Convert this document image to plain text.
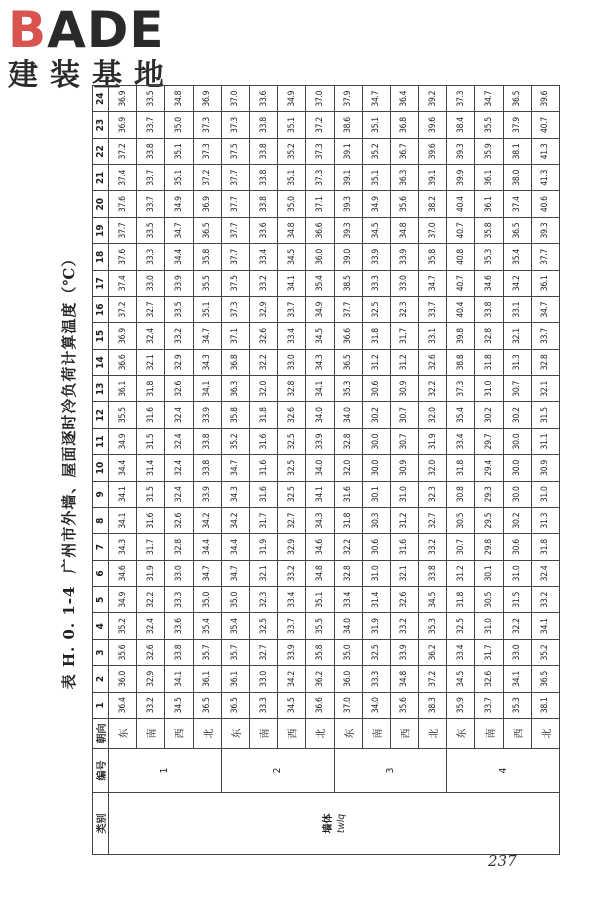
BADE
建装基地
表 H. 0. 1-4
广州市外墙、屋面逐时冷负荷计算温度（℃）
类别	编号	朝向	1	2	3	4	5	6	7	8	9	10	11	12	13	14	15	16	17	18	19	20	21	22	23	24

墙体 twlq	1	东	36.4	36.0	35.6	35.2	34.9	34.6	34.3	34.1	34.1	34.4	34.9	35.5	36.1	36.6	36.9	37.2	37.4	37.6	37.7	37.6	37.4	37.2	36.9	36.9
		南	33.2	32.9	32.6	32.4	32.2	31.9	31.7	31.6	31.5	31.4	31.5	31.6	31.8	32.1	32.4	32.7	33.0	33.3	33.5	33.7	33.7	33.8	33.7	33.5
		西	34.5	34.1	33.8	33.6	33.3	33.0	32.8	32.6	32.4	32.4	32.4	32.4	32.6	32.9	33.2	33.5	33.9	34.4	34.7	34.9	35.1	35.1	35.0	34.8
		北	36.5	36.1	35.7	35.4	35.0	34.7	34.4	34.2	33.9	33.8	33.8	33.9	34.1	34.3	34.7	35.1	35.5	35.8	36.5	36.9	37.2	37.3	37.3	36.9
	2	东	36.5	36.1	35.7	35.4	35.0	34.7	34.4	34.2	34.3	34.7	35.2	35.8	36.3	36.8	37.1	37.3	37.5	37.7	37.7	37.7	37.7	37.5	37.3	37.0
		南	33.3	33.0	32.7	32.5	32.3	32.1	31.9	31.7	31.6	31.6	31.6	31.8	32.0	32.2	32.6	32.9	33.2	33.4	33.6	33.8	33.8	33.8	33.8	33.6
		西	34.5	34.2	33.9	33.7	33.4	33.2	32.9	32.7	32.5	32.5	32.5	32.6	32.8	33.0	33.4	33.7	34.1	34.5	34.8	35.0	35.1	35.2	35.1	34.9
		北	36.6	36.2	35.8	35.5	35.1	34.8	34.6	34.3	34.1	34.0	33.9	34.0	34.1	34.3	34.5	34.9	35.4	36.0	36.6	37.1	37.3	37.3	37.2	37.0
	3	东	37.0	36.0	35.0	34.0	33.4	32.8	32.2	31.8	31.6	32.0	32.8	34.0	35.3	36.5	36.6	37.7	38.5	39.0	39.3	39.3	39.1	39.1	38.6	37.9
		南	34.0	33.3	32.5	31.9	31.4	31.0	30.6	30.3	30.1	30.0	30.0	30.2	30.6	31.2	31.8	32.5	33.3	33.9	34.5	34.9	35.1	35.2	35.1	34.7
		西	35.6	34.8	33.9	33.2	32.6	32.1	31.6	31.2	31.0	30.9	30.7	30.7	30.9	31.2	31.7	32.3	33.0	33.9	34.8	35.6	36.3	36.7	36.8	36.4
		北	38.3	37.2	36.2	35.3	34.5	33.8	33.2	32.7	32.3	32.0	31.9	32.0	32.2	32.6	33.1	33.7	34.7	35.8	37.0	38.2	39.1	39.6	39.6	39.2
	4	东	35.9	34.5	33.4	32.5	31.8	31.2	30.7	30.5	30.8	31.8	33.4	35.4	37.3	38.8	39.8	40.4	40.7	40.8	40.7	40.4	39.9	39.3	38.4	37.3
		南	33.7	32.6	31.7	31.0	30.5	30.1	29.8	29.5	29.3	29.4	29.7	30.2	31.0	31.8	32.8	33.8	34.6	35.3	35.8	36.1	36.1	35.9	35.5	34.7
		西	35.3	34.1	33.0	32.2	31.5	31.0	30.6	30.2	30.0	30.0	30.0	30.2	30.7	31.3	32.1	33.1	34.2	35.4	36.5	37.4	38.0	38.1	37.9	36.5
		北	38.1	36.5	35.2	34.1	33.2	32.4	31.8	31.3	31.0	30.9	31.1	31.5	32.1	32.8	33.7	34.7	36.1	37.7	39.3	40.6	41.3	41.3	40.7	39.6
237
